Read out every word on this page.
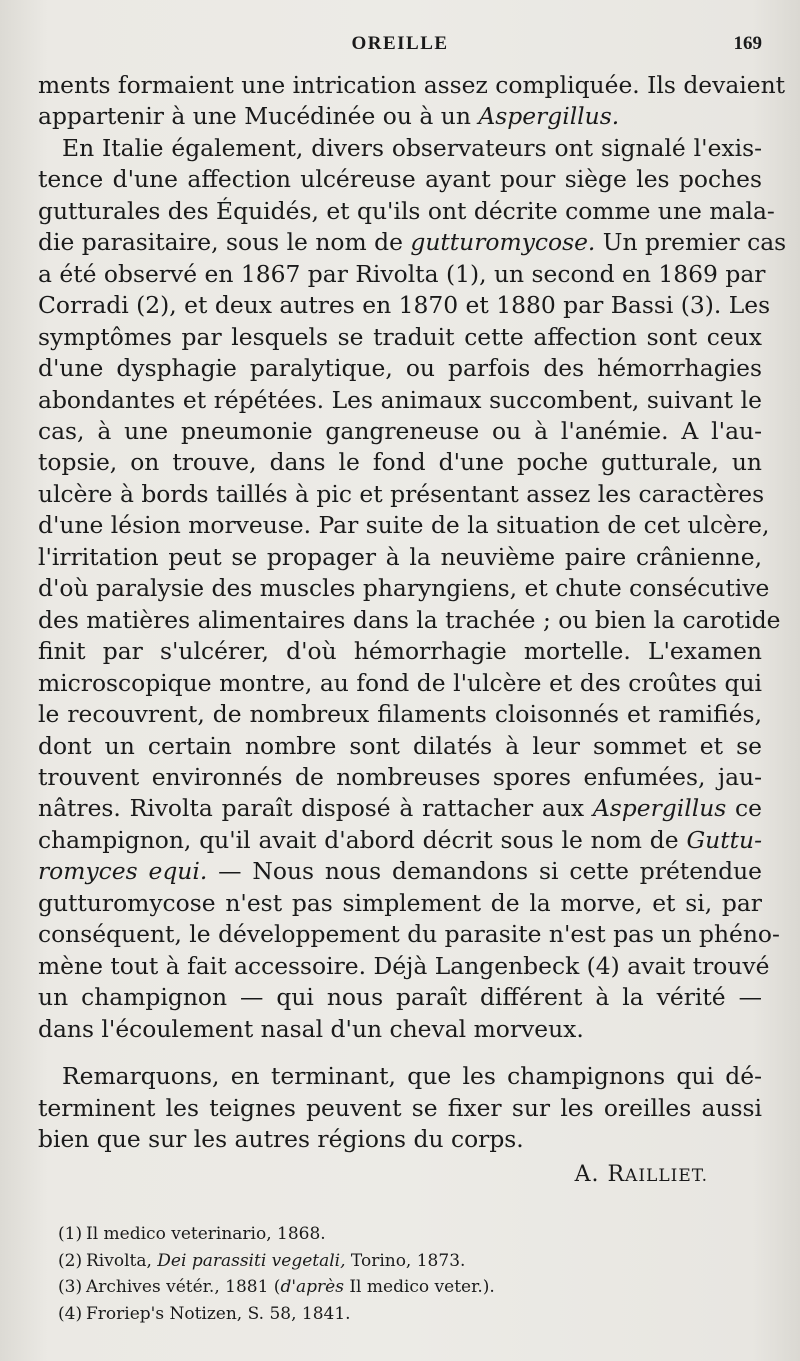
OREILLE	169
ments formaient une intrication assez compliquée. Ils devaient
appartenir à une Mucédinée ou à un Aspergillus.
En Italie également, divers observateurs ont signalé l'exis-
tence d'une affection ulcéreuse ayant pour siège les poches
gutturales des Équidés, et qu'ils ont décrite comme une mala-
die parasitaire, sous le nom de gutturomycose. Un premier cas
a été observé en 1867 par Rivolta (1), un second en 1869 par
Corradi (2), et deux autres en 1870 et 1880 par Bassi (3). Les
symptômes par lesquels se traduit cette affection sont ceux
d'une dysphagie paralytique, ou parfois des hémorrhagies
abondantes et répétées. Les animaux succombent, suivant le
cas, à une pneumonie gangreneuse ou à l'anémie. A l'au-
topsie, on trouve, dans le fond d'une poche gutturale, un
ulcère à bords taillés à pic et présentant assez les caractères
d'une lésion morveuse. Par suite de la situation de cet ulcère,
l'irritation peut se propager à la neuvième paire crânienne,
d'où paralysie des muscles pharyngiens, et chute consécutive
des matières alimentaires dans la trachée ; ou bien la carotide
finit par s'ulcérer, d'où hémorrhagie mortelle. L'examen
microscopique montre, au fond de l'ulcère et des croûtes qui
le recouvrent, de nombreux filaments cloisonnés et ramifiés,
dont un certain nombre sont dilatés à leur sommet et se
trouvent environnés de nombreuses spores enfumées, jau-
nâtres. Rivolta paraît disposé à rattacher aux Aspergillus ce
champignon, qu'il avait d'abord décrit sous le nom de Guttu-
romyces equi. — Nous nous demandons si cette prétendue
gutturomycose n'est pas simplement de la morve, et si, par
conséquent, le développement du parasite n'est pas un phéno-
mène tout à fait accessoire. Déjà Langenbeck (4) avait trouvé
un champignon — qui nous paraît différent à la vérité —
dans l'écoulement nasal d'un cheval morveux.
Remarquons, en terminant, que les champignons qui dé-
terminent les teignes peuvent se fixer sur les oreilles aussi
bien que sur les autres régions du corps.
A. RAILLIET.
(1) Il medico veterinario, 1868.
(2) Rivolta, Dei parassiti vegetali, Torino, 1873.
(3) Archives vétér., 1881 (d'après Il medico veter.).
(4) Froriep's Notizen, S. 58, 1841.
